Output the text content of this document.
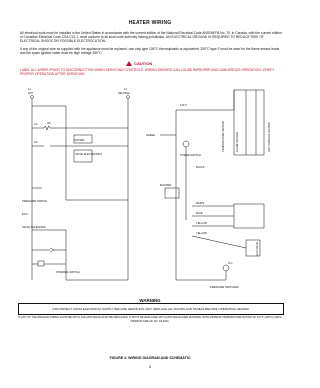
HEATER WIRING
All electrical work must be installed in the United States in accordance with the current edition of the National Electrical Code ANSI/NFPA No. 70, in Canada, with the current edition of Canadian Electrical Code CSA C22.1, must conform to all local code authority having jurisdiction. AN ELECTRICAL GROUND IS REQUIRED TO REDUCE RISK OF ELECTRICAL SHOCK OR POSSIBLE ELECTROCUTION.
If any of the original wire as supplied with the appliance must be replaced, use only type 105°C thermoplastic or equivalent; 250°C type F must be used for the flame sensor leads and the spark ignition cable must be high voltage 250°C.
CAUTION
LABEL ALL WIRES PRIOR TO DISCONNECTION WHEN SERVICING CONTROLS. WIRING ERRORS CAN CAUSE IMPROPER AND DANGEROUS OPERATION. VERIFY PROPER OPERATION AFTER SERVICING.
L1
HOT
L2
NEUTRAL
HS
AC
AC
IGNITER
VALVE ELECTRONICS
PRESSURE SWITCH
ECO
VALVE SOLENOIDS
INTERNAL SWITCH
120 V
GREEN
POWER SWITCH
BLACK
BLOWER
WHITE
BLUE
YELLOW
YELLOW
N.C.
PRESSURE SWITCHES
FLAME SENSOR
TEMPERATURE SENSOR	HOT SURFACE IGNITER
GAS VALVE
WARNING
DISCONNECT FROM ELECTRICAL SUPPLY BEFORE SERVICING UNIT. REPLACE ALL DOORS AND PANELS BEFORE OPERATING HEATER.
IF ANY OF THE ORIGINAL WIRES SUPPLIED WITH THE APPLIANCE MUST BE REPLACED, IT MUST BE REPLACED WITH APPLIANCE WIRE MATERIAL WITH MINIMUM TEMPERATURE RATING OF 221°F (105°C) AND A MINIMUM SIZE OF NO. 18 AWG.
FIGURE 4. WIRING DIAGRAM AND SCHEMATIC
6
